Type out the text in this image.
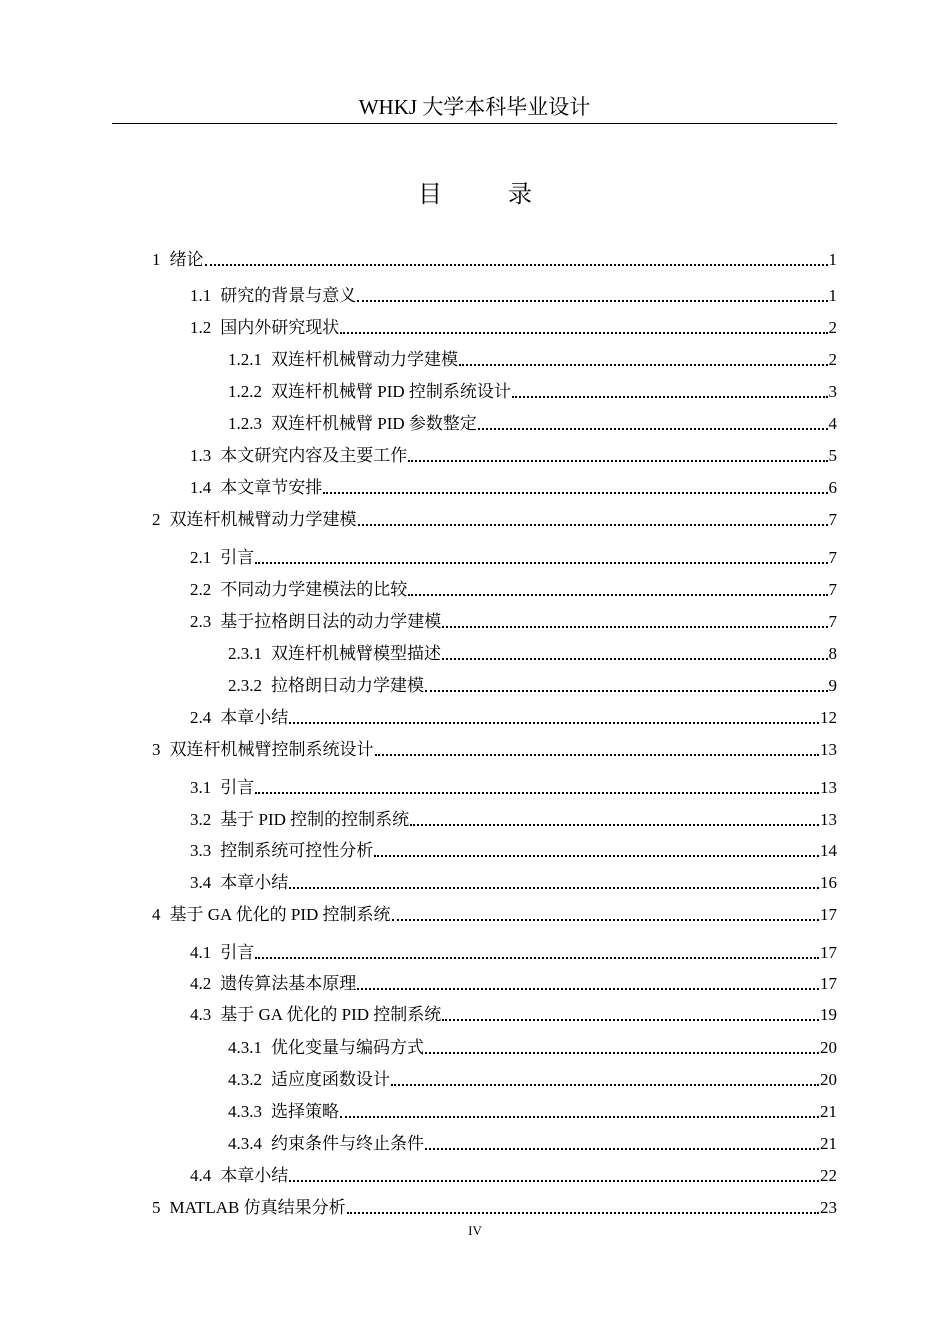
WHKJ 大学本科毕业设计
目 录
1 绪论	1
1.1 研究的背景与意义	1
1.2 国内外研究现状	2
1.2.1 双连杆机械臂动力学建模	2
1.2.2 双连杆机械臂 PID 控制系统设计	3
1.2.3 双连杆机械臂 PID 参数整定	4
1.3 本文研究内容及主要工作	5
1.4 本文章节安排	6
2 双连杆机械臂动力学建模	7
2.1 引言	7
2.2 不同动力学建模法的比较	7
2.3 基于拉格朗日法的动力学建模	7
2.3.1 双连杆机械臂模型描述	8
2.3.2 拉格朗日动力学建模	9
2.4 本章小结	12
3 双连杆机械臂控制系统设计	13
3.1 引言	13
3.2 基于 PID 控制的控制系统	13
3.3 控制系统可控性分析	14
3.4 本章小结	16
4 基于 GA 优化的 PID 控制系统	17
4.1 引言	17
4.2 遗传算法基本原理	17
4.3 基于 GA 优化的 PID 控制系统	19
4.3.1 优化变量与编码方式	20
4.3.2 适应度函数设计	20
4.3.3 选择策略	21
4.3.4 约束条件与终止条件	21
4.4 本章小结	22
5 MATLAB 仿真结果分析	23
IV
